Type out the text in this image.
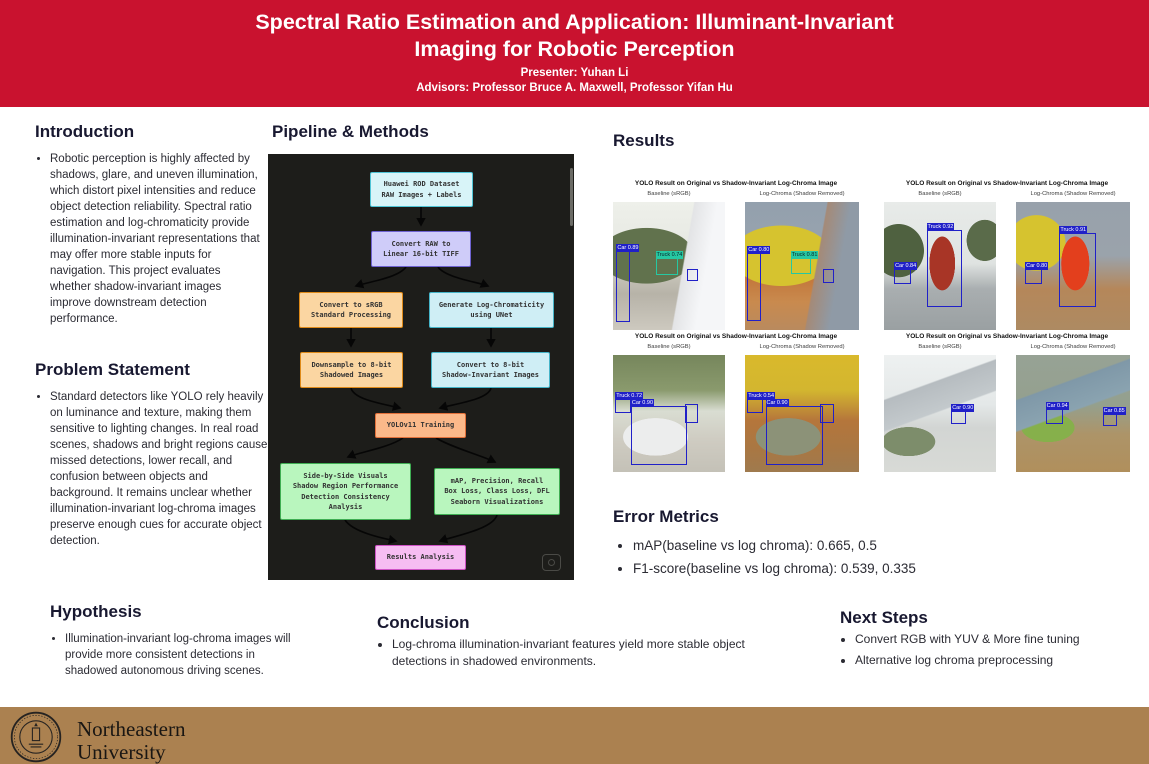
Spectral Ratio Estimation and Application: Illuminant-Invariant
Imaging for Robotic Perception
Presenter: Yuhan Li
Advisors: Professor Bruce A. Maxwell, Professor Yifan Hu
Introduction
• Robotic perception is highly affected by shadows, glare, and uneven illumination, which distort pixel intensities and reduce object detection reliability. Spectral ratio estimation and log-chromaticity provide illumination-invariant representations that may offer more stable inputs for navigation. This project evaluates whether shadow-invariant images improve downstream detection performance.
Problem Statement
• Standard detectors like YOLO rely heavily on luminance and texture, making them sensitive to lighting changes. In real road scenes, shadows and bright regions cause missed detections, lower recall, and confusion between objects and background. It remains unclear whether illumination-invariant log-chroma images preserve enough cues for accurate object detection.
Hypothesis
• Illumination-invariant log-chroma images will provide more consistent detections in shadowed autonomous driving scenes.
Pipeline & Methods
Huawei ROD Dataset
RAW Images + Labels
Convert RAW to
Linear 16-bit TIFF
Convert to sRGB
Standard Processing
Generate Log-Chromaticity
using UNet
Downsample to 8-bit
Shadowed Images
Convert to 8-bit
Shadow-Invariant Images
YOLOv11 Training
Side-by-Side Visuals
Shadow Region Performance
Detection Consistency
Analysis
mAP, Precision, Recall
Box Loss, Class Loss, DFL
Seaborn Visualizations
Results Analysis
Results
YOLO Result on Original vs Shadow-Invariant Log-Chroma Image
Baseline (sRGB)	Log-Chroma (Shadow Removed)
Car 0.89
Truck 0.74
Car 0.80
Truck 0.81
YOLO Result on Original vs Shadow-Invariant Log-Chroma Image
Baseline (sRGB)	Log-Chroma (Shadow Removed)
Truck 0.92
Car 0.84
Truck 0.91
Car 0.80
YOLO Result on Original vs Shadow-Invariant Log-Chroma Image
Baseline (sRGB)	Log-Chroma (Shadow Removed)
Car 0.90
Truck 0.72
Car 0.90
Truck 0.54
YOLO Result on Original vs Shadow-Invariant Log-Chroma Image
Baseline (sRGB)	Log-Chroma (Shadow Removed)
Car 0.90	Car 0.94
Car 0.85
Error Metrics
• mAP(baseline vs log chroma): 0.665, 0.5
• F1-score(baseline vs log chroma): 0.539, 0.335
Conclusion
• Log-chroma illumination-invariant features yield more stable object detections in shadowed environments.
Next Steps
• Convert RGB with YUV & More fine tuning
• Alternative log chroma preprocessing
Northeastern
University
